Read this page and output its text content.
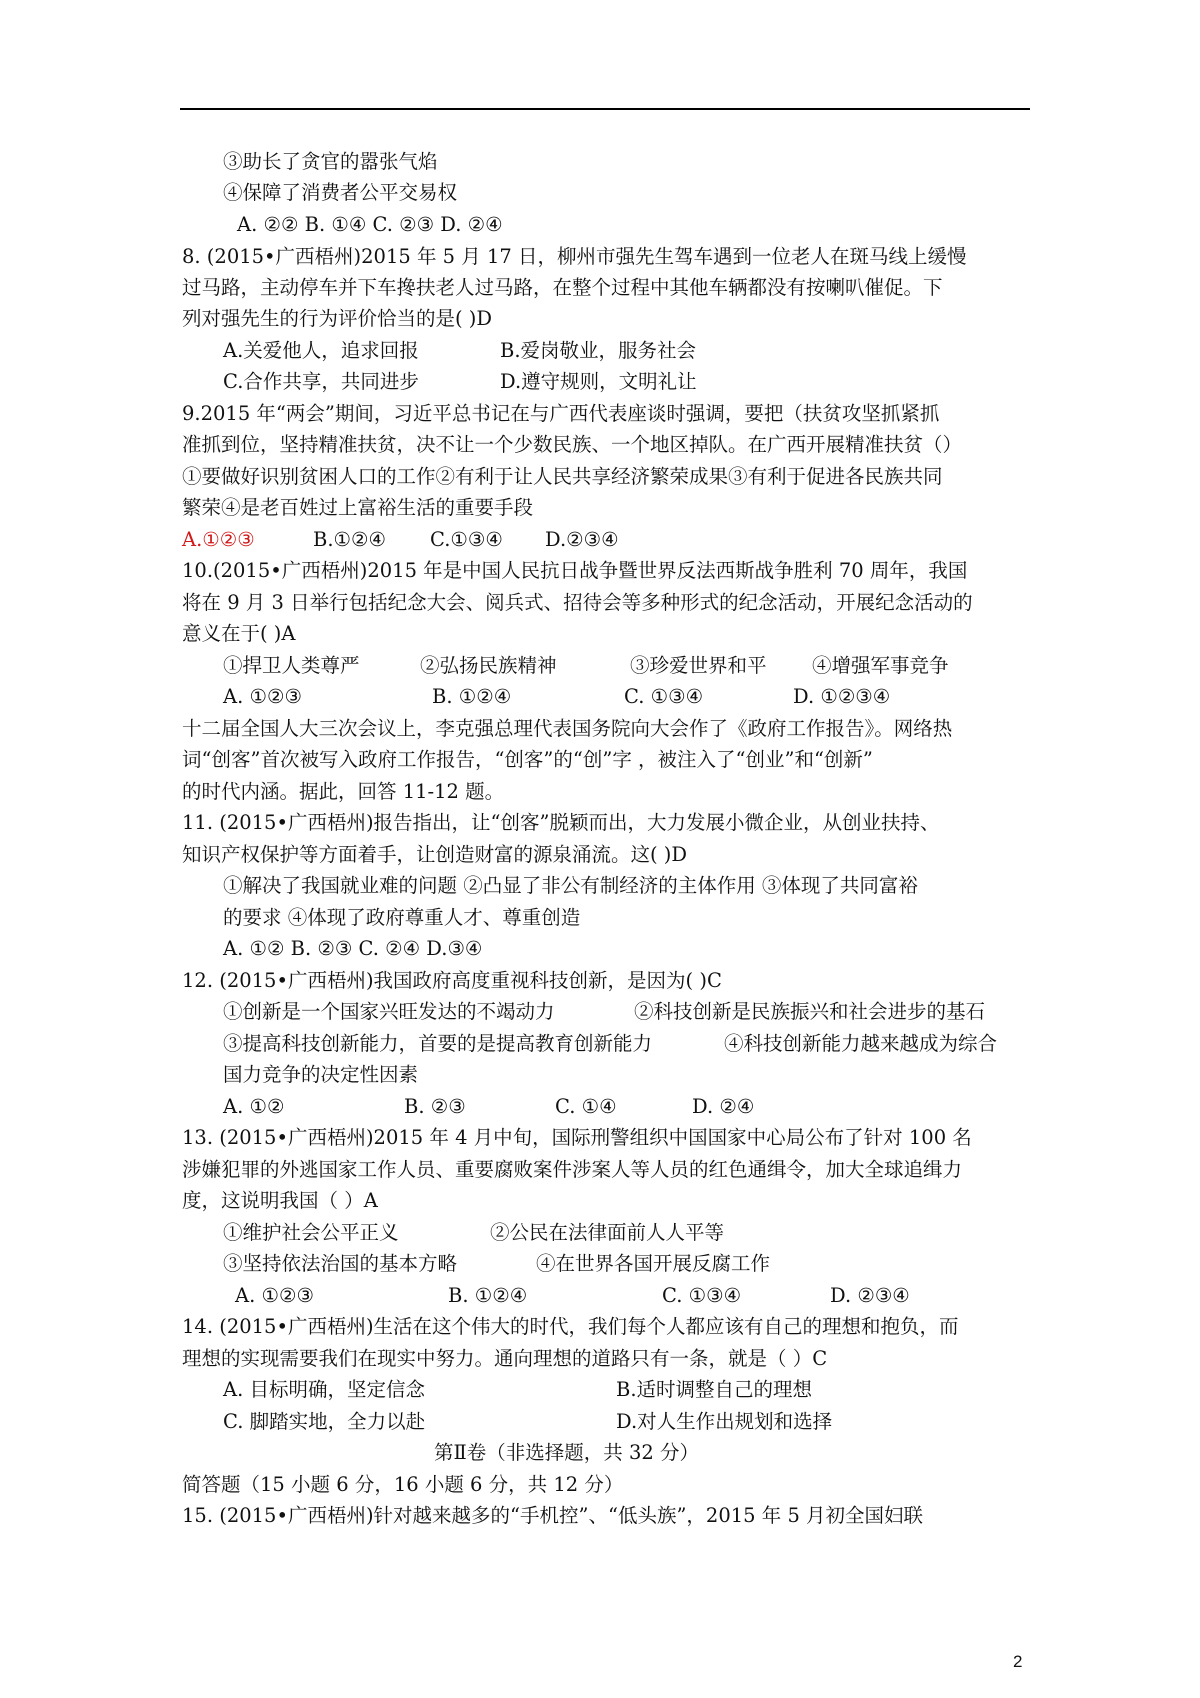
③助长了贪官的嚣张气焰
④保障了消费者公平交易权
A. ②② B. ①④ C. ②③ D. ②④
8. (2015•广西梧州)2015 年 5 月 17 日，柳州市强先生驾车遇到一位老人在斑马线上缓慢
过马路，主动停车并下车搀扶老人过马路，在整个过程中其他车辆都没有按喇叭催促。下
列对强先生的行为评价恰当的是( )D
A.关爱他人，追求回报	B.爱岗敬业，服务社会
C.合作共享，共同进步	D.遵守规则，文明礼让
9.2015 年“两会”期间，习近平总书记在与广西代表座谈时强调，要把（扶贫攻坚抓紧抓
准抓到位，坚持精准扶贫，决不让一个少数民族、一个地区掉队。在广西开展精准扶贫（）
①要做好识别贫困人口的工作②有利于让人民共享经济繁荣成果③有利于促进各民族共同
繁荣④是老百姓过上富裕生活的重要手段
A.①②③	B.①②④ C.①③④ D.②③④
10.(2015•广西梧州)2015 年是中国人民抗日战争暨世界反法西斯战争胜利 70 周年，我国
将在 9 月 3 日举行包括纪念大会、阅兵式、招待会等多种形式的纪念活动，开展纪念活动的
意义在于( )A
①捍卫人类尊严	②弘扬民族精神	③珍爱世界和平 ④增强军事竞争
A. ①②③	B. ①②④	C. ①③④	D. ①②③④
十二届全国人大三次会议上，李克强总理代表国务院向大会作了《政府工作报告》。网络热
词“创客”首次被写入政府工作报告，“创客”的“创”字 ，被注入了“创业”和“创新”
的时代内涵。据此，回答 11-12 题。
11. (2015•广西梧州)报告指出，让“创客”脱颖而出，大力发展小微企业，从创业扶持、
知识产权保护等方面着手，让创造财富的源泉涌流。这( )D
①解决了我国就业难的问题 ②凸显了非公有制经济的主体作用 ③体现了共同富裕
的要求 ④体现了政府尊重人才、尊重创造
A. ①② B. ②③ C. ②④ D.③④
12. (2015•广西梧州)我国政府高度重视科技创新，是因为( )C
①创新是一个国家兴旺发达的不竭动力	②科技创新是民族振兴和社会进步的基石
③提高科技创新能力，首要的是提高教育创新能力	④科技创新能力越来越成为综合
国力竞争的决定性因素
A. ①②	B. ②③	C. ①④	D. ②④
13. (2015•广西梧州)2015 年 4 月中旬，国际刑警组织中国国家中心局公布了针对 100 名
涉嫌犯罪的外逃国家工作人员、重要腐败案件涉案人等人员的红色通缉令，加大全球追缉力
度，这说明我国（ ）A
①维护社会公平正义	②公民在法律面前人人平等
③坚持依法治国的基本方略	④在世界各国开展反腐工作
A. ①②③	B. ①②④	C. ①③④	D. ②③④
14. (2015•广西梧州)生活在这个伟大的时代，我们每个人都应该有自己的理想和抱负，而
理想的实现需要我们在现实中努力。通向理想的道路只有一条，就是（ ）C
A. 目标明确，坚定信念	B.适时调整自己的理想
C. 脚踏实地，全力以赴	D.对人生作出规划和选择
第Ⅱ卷（非选择题，共 32 分）
简答题（15 小题 6 分，16 小题 6 分，共 12 分）
15. (2015•广西梧州)针对越来越多的“手机控”、“低头族”，2015 年 5 月初全国妇联
2
